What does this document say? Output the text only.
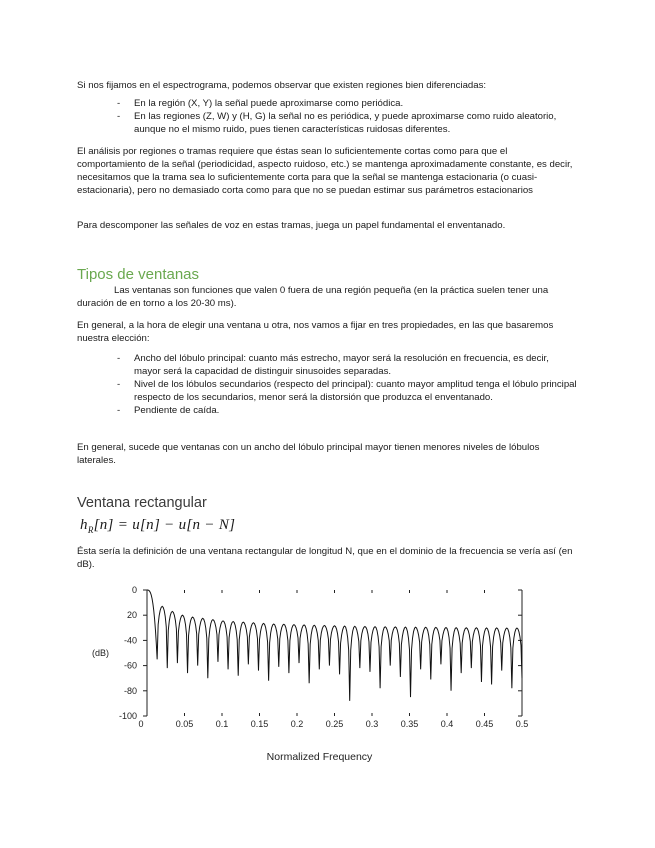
Si nos fijamos en el espectrograma, podemos observar que existen regiones bien diferenciadas:

- En la región (X, Y) la señal puede aproximarse como periódica.
- En las regiones (Z, W) y (H, G) la señal no es periódica, y puede aproximarse como ruido aleatorio, aunque no el mismo ruido, pues tienen características ruidosas diferentes.

El análisis por regiones o tramas requiere que éstas sean lo suficientemente cortas como para que el comportamiento de la señal (periodicidad, aspecto ruidoso, etc.) se mantenga aproximadamente constante, es decir, necesitamos que la trama sea lo suficientemente corta para que la señal se mantenga estacionaria (o cuasi-estacionaria), pero no demasiado corta como para que no se puedan estimar sus parámetros estacionarios

Para descomponer las señales de voz en estas tramas, juega un papel fundamental el enventanado.

Tipos de ventanas

Las ventanas son funciones que valen 0 fuera de una región pequeña (en la práctica suelen tener una duración de en torno a los 20-30 ms).

En general, a la hora de elegir una ventana u otra, nos vamos a fijar en tres propiedades, en las que basaremos nuestra elección:

- Ancho del lóbulo principal: cuanto más estrecho, mayor será la resolución en frecuencia, es decir, mayor será la capacidad de distinguir sinusoides separadas.
- Nivel de los lóbulos secundarios (respecto del principal): cuanto mayor amplitud tenga el lóbulo principal respecto de los secundarios, menor será la distorsión que produzca el enventanado.
- Pendiente de caída.

En general, sucede que ventanas con un ancho del lóbulo principal mayor tienen menores niveles de lóbulos laterales.

Ventana rectangular
$h_R[n] = u[n] - u[n - N]$

Ésta sería la definición de una ventana rectangular de longitud N, que en el dominio de la frecuencia se vería así (en dB).

0
20
-40
-60
-80
-100
0	0.05 0.1 0.15 0.2 0.25 0.3 0.35 0.4 0.45 0.5
(dB)
Normalized Frequency
